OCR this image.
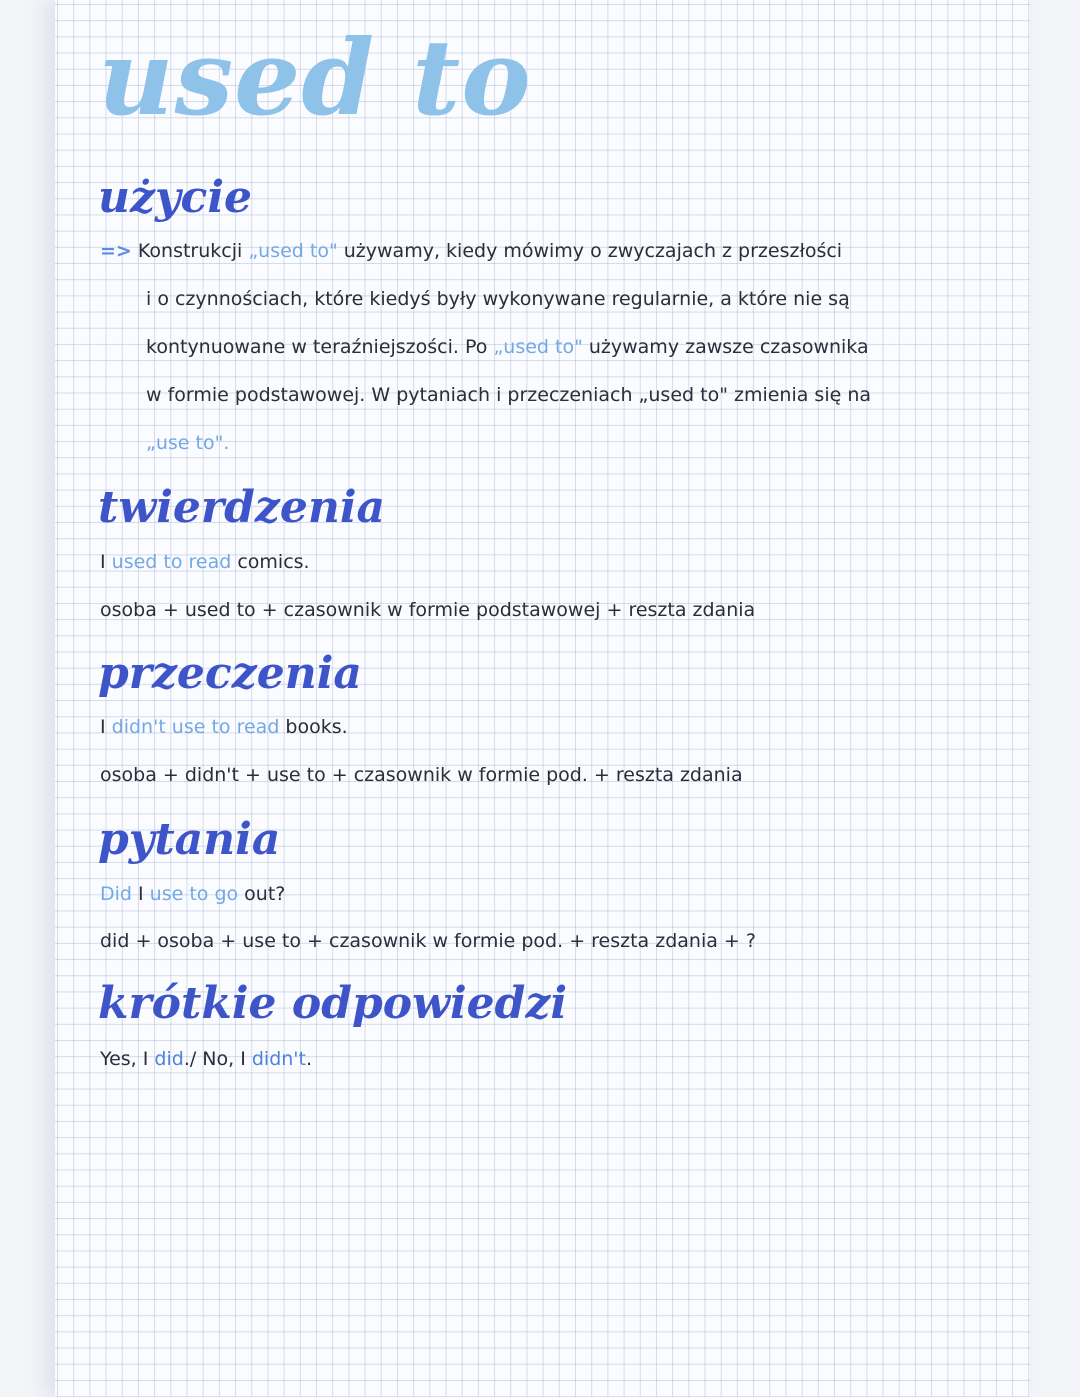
used to
użycie
=> Konstrukcji „used to" używamy, kiedy mówimy o zwyczajach z przeszłości
i o czynnościach, które kiedyś były wykonywane regularnie, a które nie są
kontynuowane w teraźniejszości. Po „used to" używamy zawsze czasownika
w formie podstawowej. W pytaniach i przeczeniach „used to" zmienia się na
„use to".
twierdzenia
I used to read comics.
osoba + used to + czasownik w formie podstawowej + reszta zdania
przeczenia
I didn't use to read books.
osoba + didn't + use to + czasownik w formie pod. + reszta zdania
pytania
Did I use to go out?
did + osoba + use to + czasownik w formie pod. + reszta zdania + ?
krótkie odpowiedzi
Yes, I did./ No, I didn't.
